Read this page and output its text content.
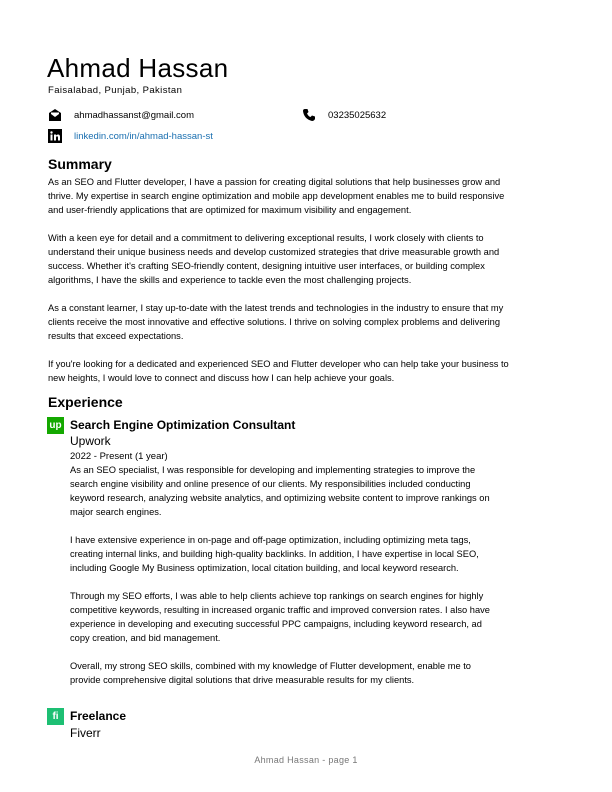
Ahmad Hassan
Faisalabad, Punjab, Pakistan
ahmadhassanst@gmail.com	03235025632
linkedin.com/in/ahmad-hassan-st
Summary
As an SEO and Flutter developer, I have a passion for creating digital solutions that help businesses grow and
thrive. My expertise in search engine optimization and mobile app development enables me to build responsive
and user-friendly applications that are optimized for maximum visibility and engagement.
With a keen eye for detail and a commitment to delivering exceptional results, I work closely with clients to
understand their unique business needs and develop customized strategies that drive measurable growth and
success. Whether it's crafting SEO-friendly content, designing intuitive user interfaces, or building complex
algorithms, I have the skills and experience to tackle even the most challenging projects.
As a constant learner, I stay up-to-date with the latest trends and technologies in the industry to ensure that my
clients receive the most innovative and effective solutions. I thrive on solving complex problems and delivering
results that exceed expectations.
If you're looking for a dedicated and experienced SEO and Flutter developer who can help take your business to
new heights, I would love to connect and discuss how I can help achieve your goals.
Experience
up Search Engine Optimization Consultant
Upwork
2022 - Present (1 year)
As an SEO specialist, I was responsible for developing and implementing strategies to improve the
search engine visibility and online presence of our clients. My responsibilities included conducting
keyword research, analyzing website analytics, and optimizing website content to improve rankings on
major search engines.
I have extensive experience in on-page and off-page optimization, including optimizing meta tags,
creating internal links, and building high-quality backlinks. In addition, I have expertise in local SEO,
including Google My Business optimization, local citation building, and local keyword research.
Through my SEO efforts, I was able to help clients achieve top rankings on search engines for highly
competitive keywords, resulting in increased organic traffic and improved conversion rates. I also have
experience in developing and executing successful PPC campaigns, including keyword research, ad
copy creation, and bid management.
Overall, my strong SEO skills, combined with my knowledge of Flutter development, enable me to
provide comprehensive digital solutions that drive measurable results for my clients.
fi Freelance
Fiverr
Ahmad Hassan - page 1
